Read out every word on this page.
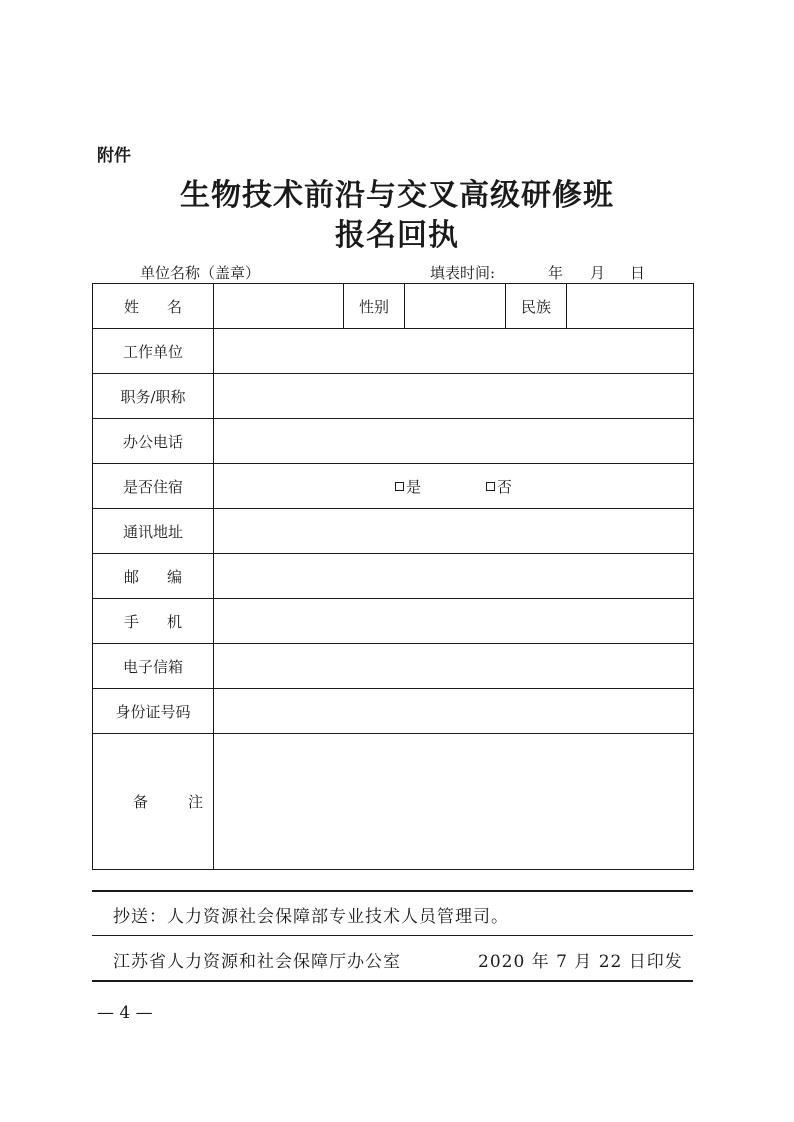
附件
生物技术前沿与交叉高级研修班
报名回执
单位名称（盖章）	填表时间:	年 月 日
姓名		性别		民族	
工作单位					
职务/职称					
办公电话					
是否住宿	是 否				
通讯地址					
邮编					
手机					
电子信箱					
身份证号码					
备注					
抄送：人力资源社会保障部专业技术人员管理司。
江苏省人力资源和社会保障厅办公室	2020 年 7 月 22 日印发
— 4 —
